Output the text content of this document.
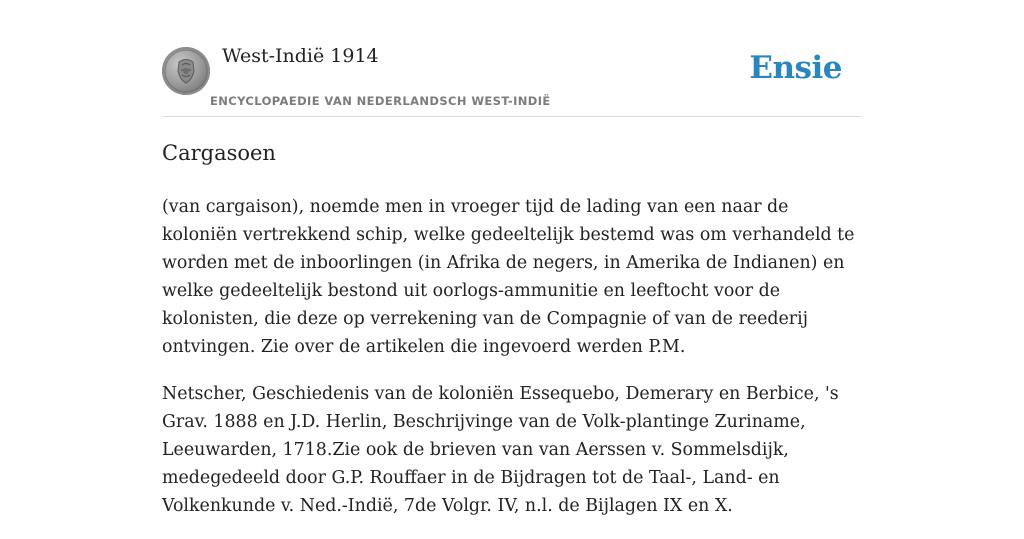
West-Indië 1914
ENCYCLOPAEDIE VAN NEDERLANDSCH WEST-INDIË
Ensie
Cargasoen

(van cargaison), noemde men in vroeger tijd de lading van een naar de koloniën vertrekkend schip, welke gedeeltelijk bestemd was om verhandeld te worden met de inboorlingen (in Afrika de negers, in Amerika de Indianen) en welke gedeeltelijk bestond uit oorlogs-ammunitie en leeftocht voor de kolonisten, die deze op verrekening van de Compagnie of van de reederij ontvingen. Zie over de artikelen die ingevoerd werden P.M.

Netscher, Geschiedenis van de koloniën Essequebo, Demerary en Berbice, 's Grav. 1888 en J.D. Herlin, Beschrijvinge van de Volk-plantinge Zuriname, Leeuwarden, 1718.Zie ook de brieven van van Aerssen v. Sommelsdijk, medegedeeld door G.P. Rouffaer in de Bijdragen tot de Taal-, Land- en Volkenkunde v. Ned.-Indië, 7de Volgr. IV, n.l. de Bijlagen IX en X.
